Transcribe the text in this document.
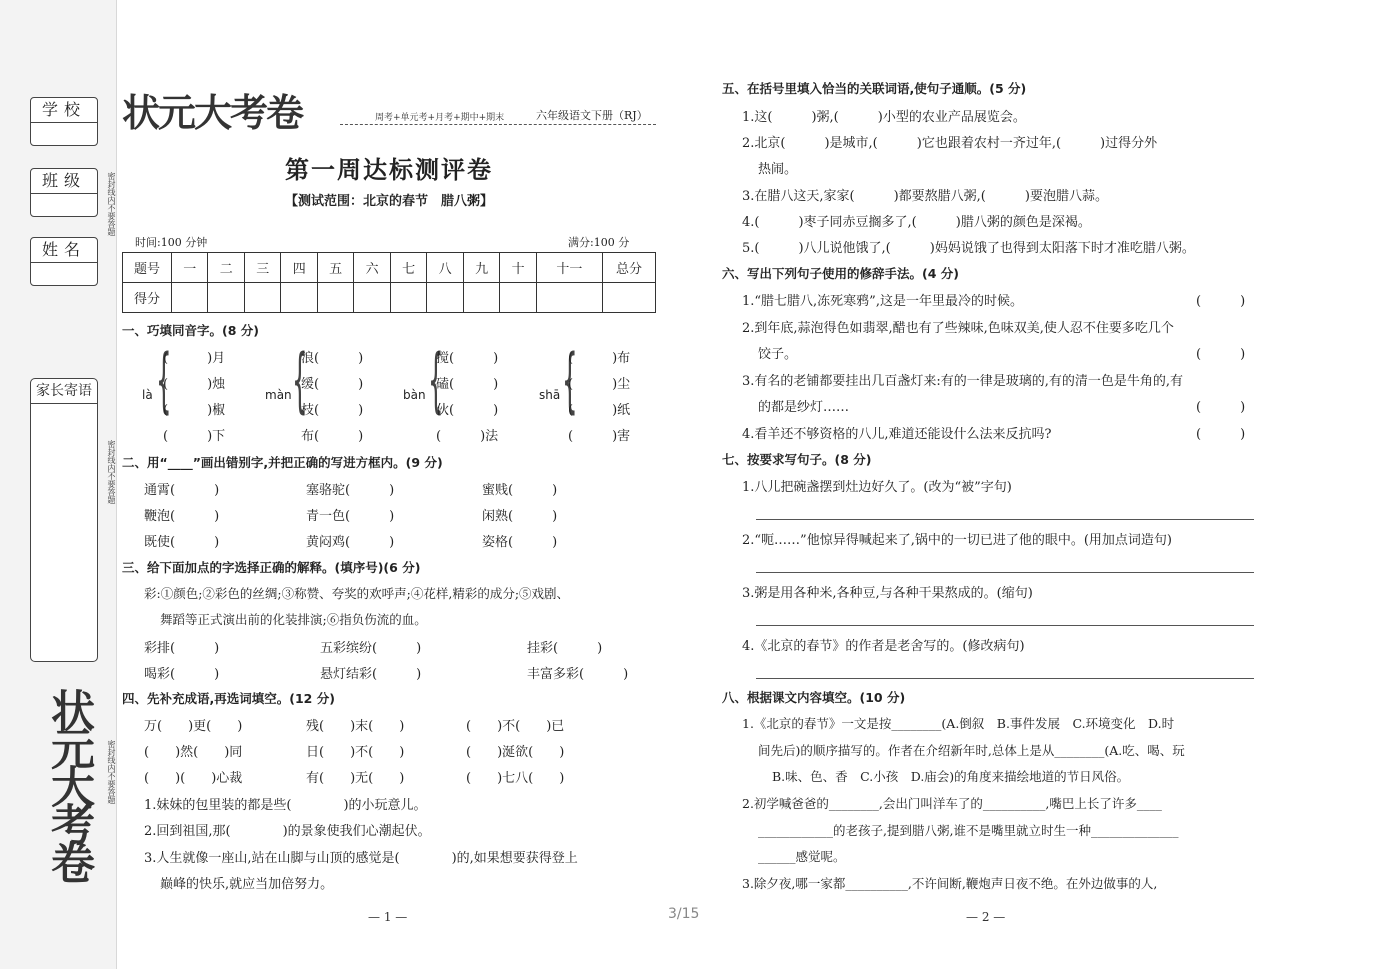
学校
班级
姓名
密封线内不要答题
密封线内不要答题
密封线内不要答题
家长寄语
状元大考卷
状元大考卷	周考+单元考+月考+期中+期末	六年级语文下册（RJ）
第一周达标测评卷
【测试范围：北京的春节　腊八粥】
时间:100 分钟	满分:100 分
题号	一	二	三	四	五	六	七	八	九	十	十一	总分
得分												
一、巧填同音字。(8 分)
là {
(　　　)月
(　　　)烛
(　　　)椒
(　　　)下
màn {
浪(　　　)
缓(　　　)
枝(　　　)
布(　　　)
bàn {
搅(　　　)
磕(　　　)
伙(　　　)
(　　　)法
shā {
(　　　)布
(　　　)尘
(　　　)纸
(　　　)害
二、用“____”画出错别字,并把正确的写进方框内。(9 分)
通霄(　　　)	塞骆驼(　　　)	蜜贱(　　　)
鞭泡(　　　)	青一色(　　　)	闲熟(　　　)
既使(　　　)	黄闷鸡(　　　)	姿格(　　　)
三、给下面加点的字选择正确的解释。(填序号)(6 分)
彩:①颜色;②彩色的丝绸;③称赞、夸奖的欢呼声;④花样,精彩的成分;⑤戏剧、
舞蹈等正式演出前的化装排演;⑥指负伤流的血。
彩排(　　　)	五彩缤纷(　　　)	挂彩(　　　)
喝彩(　　　)	悬灯结彩(　　　)	丰富多彩(　　　)
四、先补充成语,再选词填空。(12 分)
万(　　)更(　　)	残(　　)末(　　)	(　　)不(　　)已
(　　)然(　　)同	日(　　)不(　　)	(　　)涎欲(　　)
(　　)(　　)心裁	有(　　)无(　　)	(　　)七八(　　)
1.妹妹的包里装的都是些(　　　　)的小玩意儿。
2.回到祖国,那(　　　　)的景象使我们心潮起伏。
3.人生就像一座山,站在山脚与山顶的感觉是(　　　　)的,如果想要获得登上
巅峰的快乐,就应当加倍努力。
— 1 —
五、在括号里填入恰当的关联词语,使句子通顺。(5 分)
1.这(　　　)粥,(　　　)小型的农业产品展览会。
2.北京(　　　)是城市,(　　　)它也跟着农村一齐过年,(　　　)过得分外
热闹。
3.在腊八这天,家家(　　　)都要熬腊八粥,(　　　)要泡腊八蒜。
4.(　　　)枣子同赤豆搁多了,(　　　)腊八粥的颜色是深褐。
5.(　　　)八儿说他饿了,(　　　)妈妈说饿了也得到太阳落下时才准吃腊八粥。
六、写出下列句子使用的修辞手法。(4 分)
1.“腊七腊八,冻死寒鸦”,这是一年里最冷的时候。	(　　　)
2.到年底,蒜泡得色如翡翠,醋也有了些辣味,色味双美,使人忍不住要多吃几个
饺子。	(　　　)
3.有名的老铺都要挂出几百盏灯来:有的一律是玻璃的,有的清一色是牛角的,有
的都是纱灯……	(　　　)
4.看羊还不够资格的八儿,难道还能设什么法来反抗吗?	(　　　)
七、按要求写句子。(8 分)
1.八儿把碗盏摆到灶边好久了。(改为“被”字句)
2.“呃……”他惊异得喊起来了,锅中的一切已进了他的眼中。(用加点词造句)
3.粥是用各种米,各种豆,与各种干果熬成的。(缩句)
4.《北京的春节》的作者是老舍写的。(修改病句)
八、根据课文内容填空。(10 分)
1.《北京的春节》一文是按________(A.倒叙　B.事件发展　C.环境变化　D.时
间先后)的顺序描写的。作者在介绍新年时,总体上是从________(A.吃、喝、玩
B.味、色、香　C.小孩　D.庙会)的角度来描绘地道的节日风俗。
2.初学喊爸爸的________,会出门叫洋车了的__________,嘴巴上长了许多____
____________的老孩子,提到腊八粥,谁不是嘴里就立时生一种______________
______感觉呢。
3.除夕夜,哪一家都__________,不许间断,鞭炮声日夜不绝。在外边做事的人,
— 2 —
3/15
